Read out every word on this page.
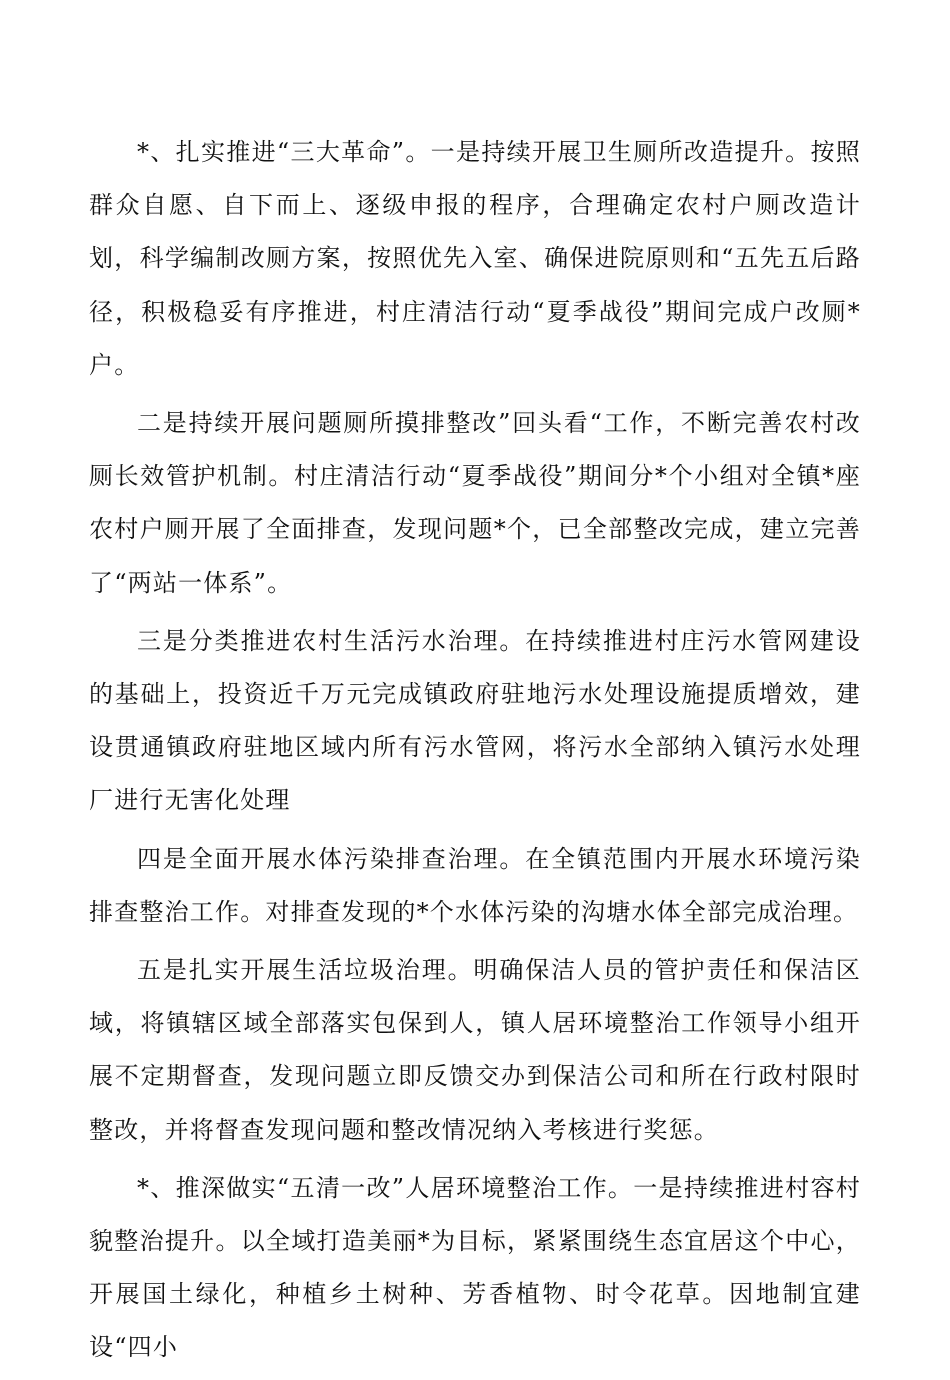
*、扎实推进“三大革命”。一是持续开展卫生厕所改造提升。按照群众自愿、自下而上、逐级申报的程序，合理确定农村户厕改造计划，科学编制改厕方案，按照优先入室、确保进院原则和“五先五后路径，积极稳妥有序推进，村庄清洁行动“夏季战役”期间完成户改厕*户。

二是持续开展问题厕所摸排整改”回头看“工作，不断完善农村改厕长效管护机制。村庄清洁行动“夏季战役”期间分*个小组对全镇*座农村户厕开展了全面排查，发现问题*个，已全部整改完成，建立完善了“两站一体系”。

三是分类推进农村生活污水治理。在持续推进村庄污水管网建设的基础上，投资近千万元完成镇政府驻地污水处理设施提质增效，建设贯通镇政府驻地区域内所有污水管网，将污水全部纳入镇污水处理厂进行无害化处理

四是全面开展水体污染排查治理。在全镇范围内开展水环境污染排查整治工作。对排查发现的*个水体污染的沟塘水体全部完成治理。

五是扎实开展生活垃圾治理。明确保洁人员的管护责任和保洁区域，将镇辖区域全部落实包保到人，镇人居环境整治工作领导小组开展不定期督查，发现问题立即反馈交办到保洁公司和所在行政村限时整改，并将督查发现问题和整改情况纳入考核进行奖惩。

*、推深做实“五清一改”人居环境整治工作。一是持续推进村容村貌整治提升。以全域打造美丽*为目标，紧紧围绕生态宜居这个中心，开展国土绿化，种植乡土树种、芳香植物、时令花草。因地制宜建设“四小
